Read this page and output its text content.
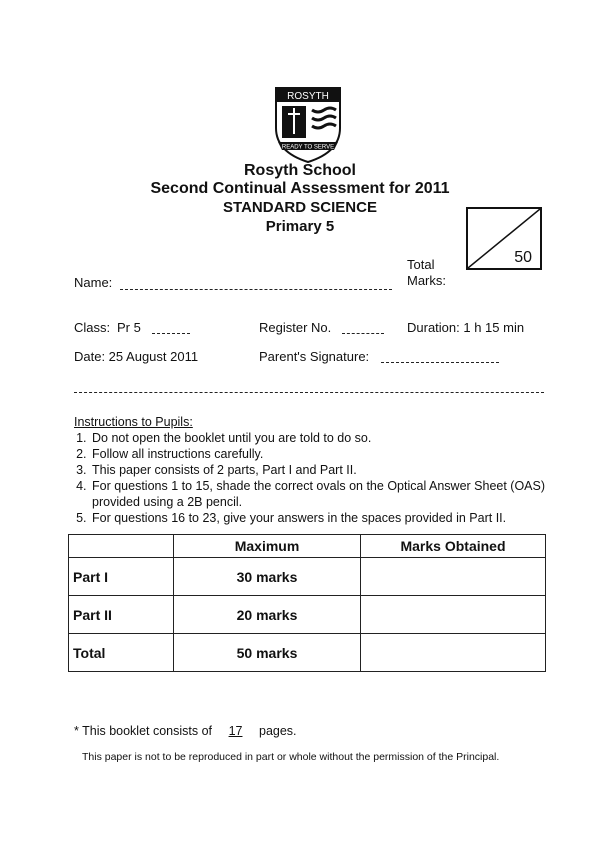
ROSYTH
READY TO SERVE
Rosyth School
Second Continual Assessment for 2011
STANDARD SCIENCE
Primary 5
Total Marks:
50
Name:
Class: Pr 5	Register No.	Duration: 1 h 15 min
Date: 25 August 2011	Parent's Signature:
Instructions to Pupils:
1. Do not open the booklet until you are told to do so.
2. Follow all instructions carefully.
3. This paper consists of 2 parts, Part I and Part II.
4. For questions 1 to 15, shade the correct ovals on the Optical Answer Sheet (OAS) provided using a 2B pencil.
5. For questions 16 to 23, give your answers in the spaces provided in Part II.
	Maximum	Marks Obtained
Part I	30 marks	
Part II	20 marks	
Total	50 marks	
* This booklet consists of 17 pages.
This paper is not to be reproduced in part or whole without the permission of the Principal.
